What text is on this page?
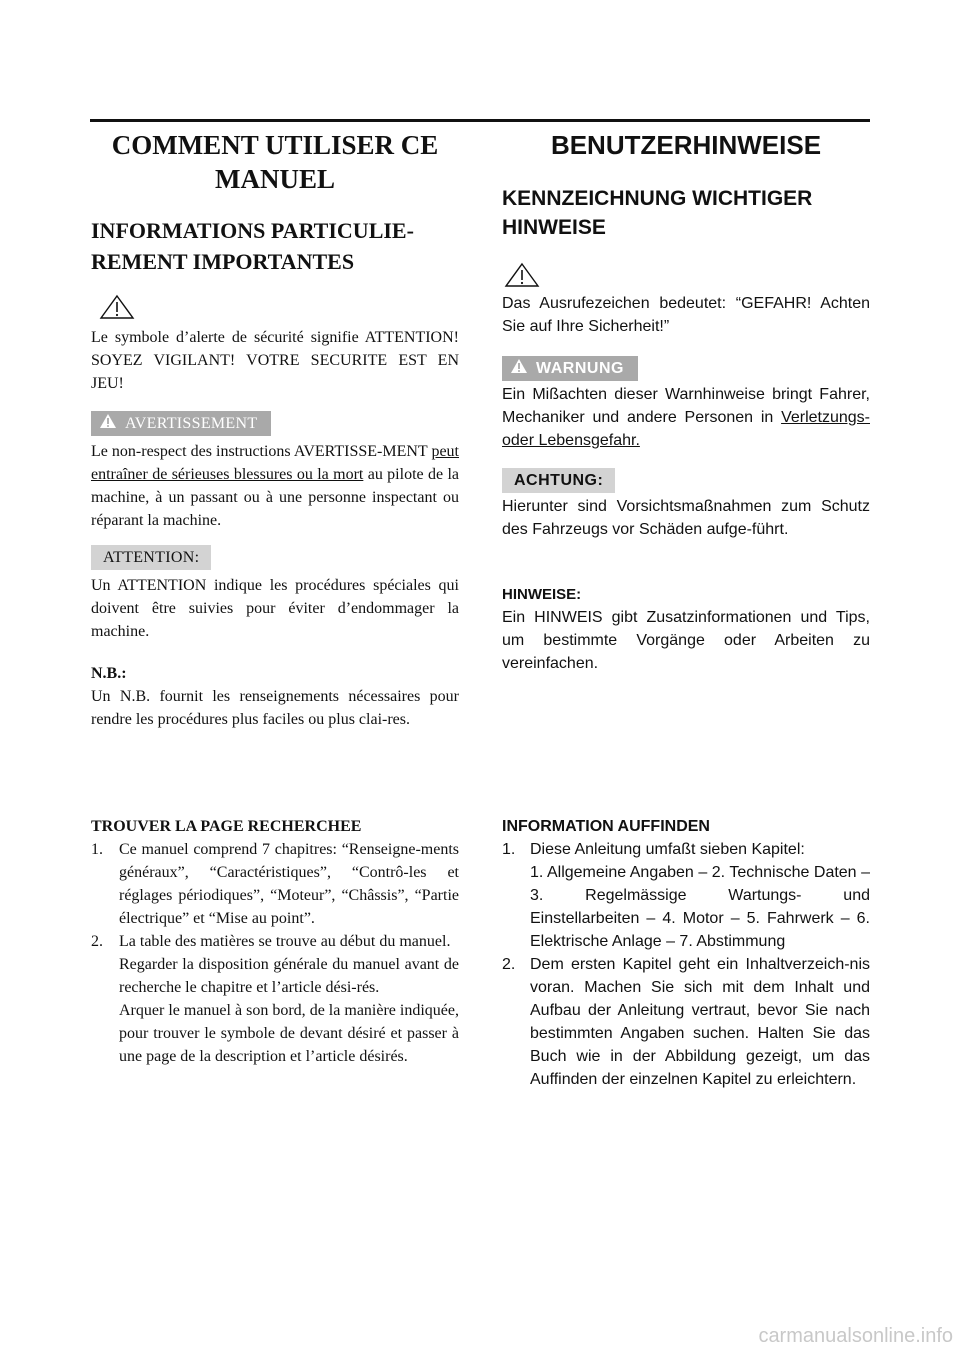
COMMENT UTILISER CE MANUEL
INFORMATIONS PARTICULIE-REMENT IMPORTANTES

Le symbole d’alerte de sécurité signifie ATTENTION! SOYEZ VIGILANT! VOTRE SECURITE EST EN JEU!

AVERTISSEMENT

Le non-respect des instructions AVERTISSE-MENT peut entraîner de sérieuses blessures ou la mort au pilote de la machine, à un passant ou à une personne inspectant ou réparant la machine.

ATTENTION:

Un ATTENTION indique les procédures spéciales qui doivent être suivies pour éviter d’endommager la machine.

N.B.:

Un N.B. fournit les renseignements nécessaires pour rendre les procédures plus faciles ou plus clai-res.

TROUVER LA PAGE RECHERCHEE

1. Ce manuel comprend 7 chapitres: “Renseigne-ments généraux”, “Caractéristiques”, “Contrô-les et réglages périodiques”, “Moteur”, “Châssis”, “Partie électrique” et “Mise au point”.
2. La table des matières se trouve au début du manuel.
Regarder la disposition générale du manuel avant de recherche le chapitre et l’article dési-rés.
Arquer le manuel à son bord, de la manière indiquée, pour trouver le symbole de devant désiré et passer à une page de la description et l’article désirés.
BENUTZERHINWEISE
KENNZEICHNUNG WICHTIGER HINWEISE

Das Ausrufezeichen bedeutet: “GEFAHR! Achten Sie auf Ihre Sicherheit!”

WARNUNG

Ein Mißachten dieser Warnhinweise bringt Fahrer, Mechaniker und andere Personen in Verletzungs- oder Lebensgefahr.

ACHTUNG:

Hierunter sind Vorsichtsmaßnahmen zum Schutz des Fahrzeugs vor Schäden aufge-führt.

HINWEISE:

Ein HINWEIS gibt Zusatzinformationen und Tips, um bestimmte Vorgänge oder Arbeiten zu vereinfachen.

INFORMATION AUFFINDEN

1. Diese Anleitung umfaßt sieben Kapitel:
1. Allgemeine Angaben – 2. Technische Daten – 3. Regelmässige Wartungs- und Einstellarbeiten – 4. Motor – 5. Fahrwerk – 6. Elektrische Anlage – 7. Abstimmung
2. Dem ersten Kapitel geht ein Inhaltverzeich-nis voran. Machen Sie sich mit dem Inhalt und Aufbau der Anleitung vertraut, bevor Sie nach bestimmten Angaben suchen. Halten Sie das Buch wie in der Abbildung gezeigt, um das Auffinden der einzelnen Kapitel zu erleichtern.
carmanualsonline.info
